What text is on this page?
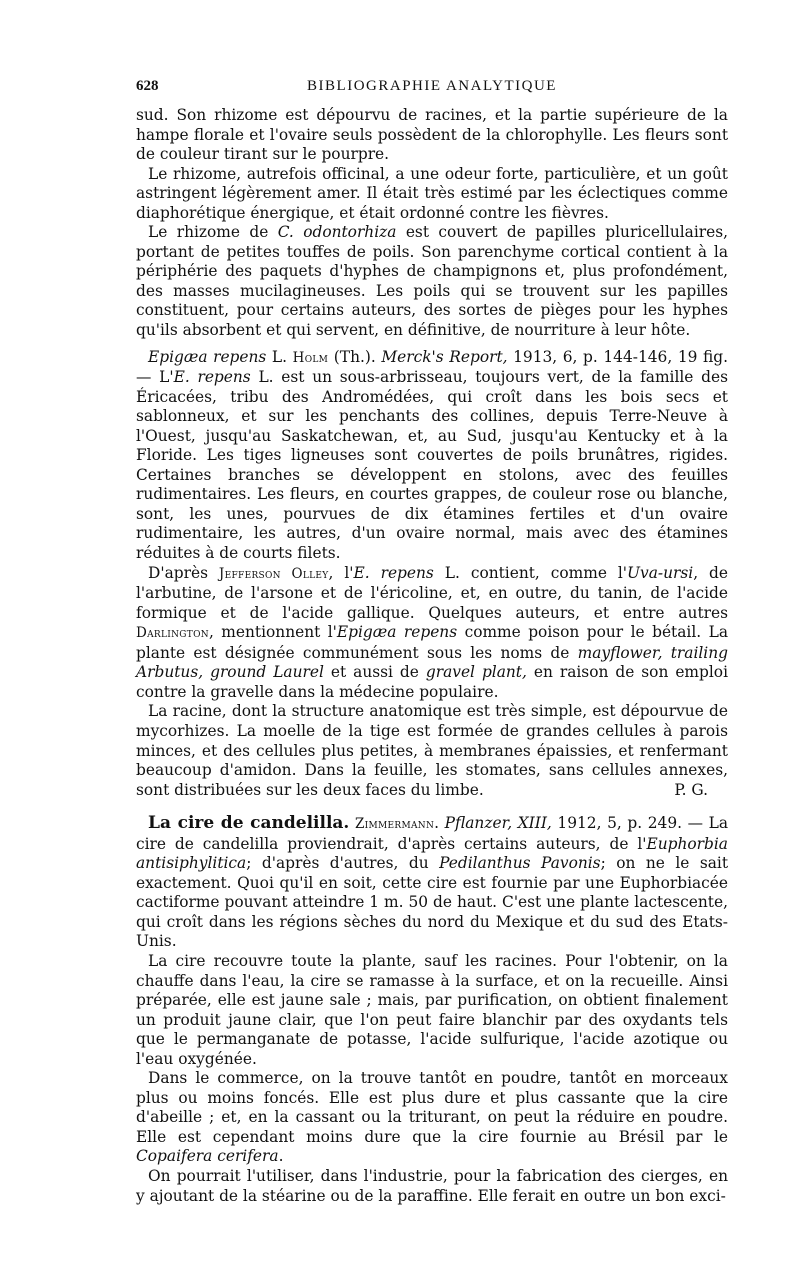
628	BIBLIOGRAPHIE ANALYTIQUE

sud. Son rhizome est dépourvu de racines, et la partie supérieure de la hampe florale et l'ovaire seuls possèdent de la chlorophylle. Les fleurs sont de couleur tirant sur le pourpre.

Le rhizome, autrefois officinal, a une odeur forte, particulière, et un goût astringent légèrement amer. Il était très estimé par les éclectiques comme diaphorétique énergique, et était ordonné contre les fièvres.

Le rhizome de C. odontorhiza est couvert de papilles pluricellulaires, portant de petites touffes de poils. Son parenchyme cortical contient à la périphérie des paquets d'hyphes de champignons et, plus profondément, des masses mucilagineuses. Les poils qui se trouvent sur les papilles constituent, pour certains auteurs, des sortes de pièges pour les hyphes qu'ils absorbent et qui servent, en définitive, de nourriture à leur hôte.

Epigæa repens L. Holm (Th.). Merck's Report, 1913, 6, p. 144-146, 19 fig. — L'E. repens L. est un sous-arbrisseau, toujours vert, de la famille des Éricacées, tribu des Andromédées, qui croît dans les bois secs et sablonneux, et sur les penchants des collines, depuis Terre-Neuve à l'Ouest, jusqu'au Saskatchewan, et, au Sud, jusqu'au Kentucky et à la Floride. Les tiges ligneuses sont couvertes de poils brunâtres, rigides. Certaines branches se développent en stolons, avec des feuilles rudimentaires. Les fleurs, en courtes grappes, de couleur rose ou blanche, sont, les unes, pourvues de dix étamines fertiles et d'un ovaire rudimentaire, les autres, d'un ovaire normal, mais avec des étamines réduites à de courts filets.

D'après Jefferson Olley, l'E. repens L. contient, comme l'Uva-ursi, de l'arbutine, de l'arsone et de l'éricoline, et, en outre, du tanin, de l'acide formique et de l'acide gallique. Quelques auteurs, et entre autres Darlington, mentionnent l'Epigæa repens comme poison pour le bétail. La plante est désignée communément sous les noms de mayflower, trailing Arbutus, ground Laurel et aussi de gravel plant, en raison de son emploi contre la gravelle dans la médecine populaire.

La racine, dont la structure anatomique est très simple, est dépourvue de mycorhizes. La moelle de la tige est formée de grandes cellules à parois minces, et des cellules plus petites, à membranes épaissies, et renfermant beaucoup d'amidon. Dans la feuille, les stomates, sans cellules annexes, sont distribuées sur les deux faces du limbe.	P. G.

La cire de candelilla. Zimmermann. Pflanzer, XIII, 1912, 5, p. 249. — La cire de candelilla proviendrait, d'après certains auteurs, de l'Euphorbia antisiphylitica; d'après d'autres, du Pedilanthus Pavonis; on ne le sait exactement. Quoi qu'il en soit, cette cire est fournie par une Euphorbiacée cactiforme pouvant atteindre 1 m. 50 de haut. C'est une plante lactescente, qui croît dans les régions sèches du nord du Mexique et du sud des Etats-Unis.

La cire recouvre toute la plante, sauf les racines. Pour l'obtenir, on la chauffe dans l'eau, la cire se ramasse à la surface, et on la recueille. Ainsi préparée, elle est jaune sale ; mais, par purification, on obtient finalement un produit jaune clair, que l'on peut faire blanchir par des oxydants tels que le permanganate de potasse, l'acide sulfurique, l'acide azotique ou l'eau oxygénée.

Dans le commerce, on la trouve tantôt en poudre, tantôt en morceaux plus ou moins foncés. Elle est plus dure et plus cassante que la cire d'abeille ; et, en la cassant ou la triturant, on peut la réduire en poudre. Elle est cependant moins dure que la cire fournie au Brésil par le Copaifera cerifera.

On pourrait l'utiliser, dans l'industrie, pour la fabrication des cierges, en y ajoutant de la stéarine ou de la paraffine. Elle ferait en outre un bon exci-
